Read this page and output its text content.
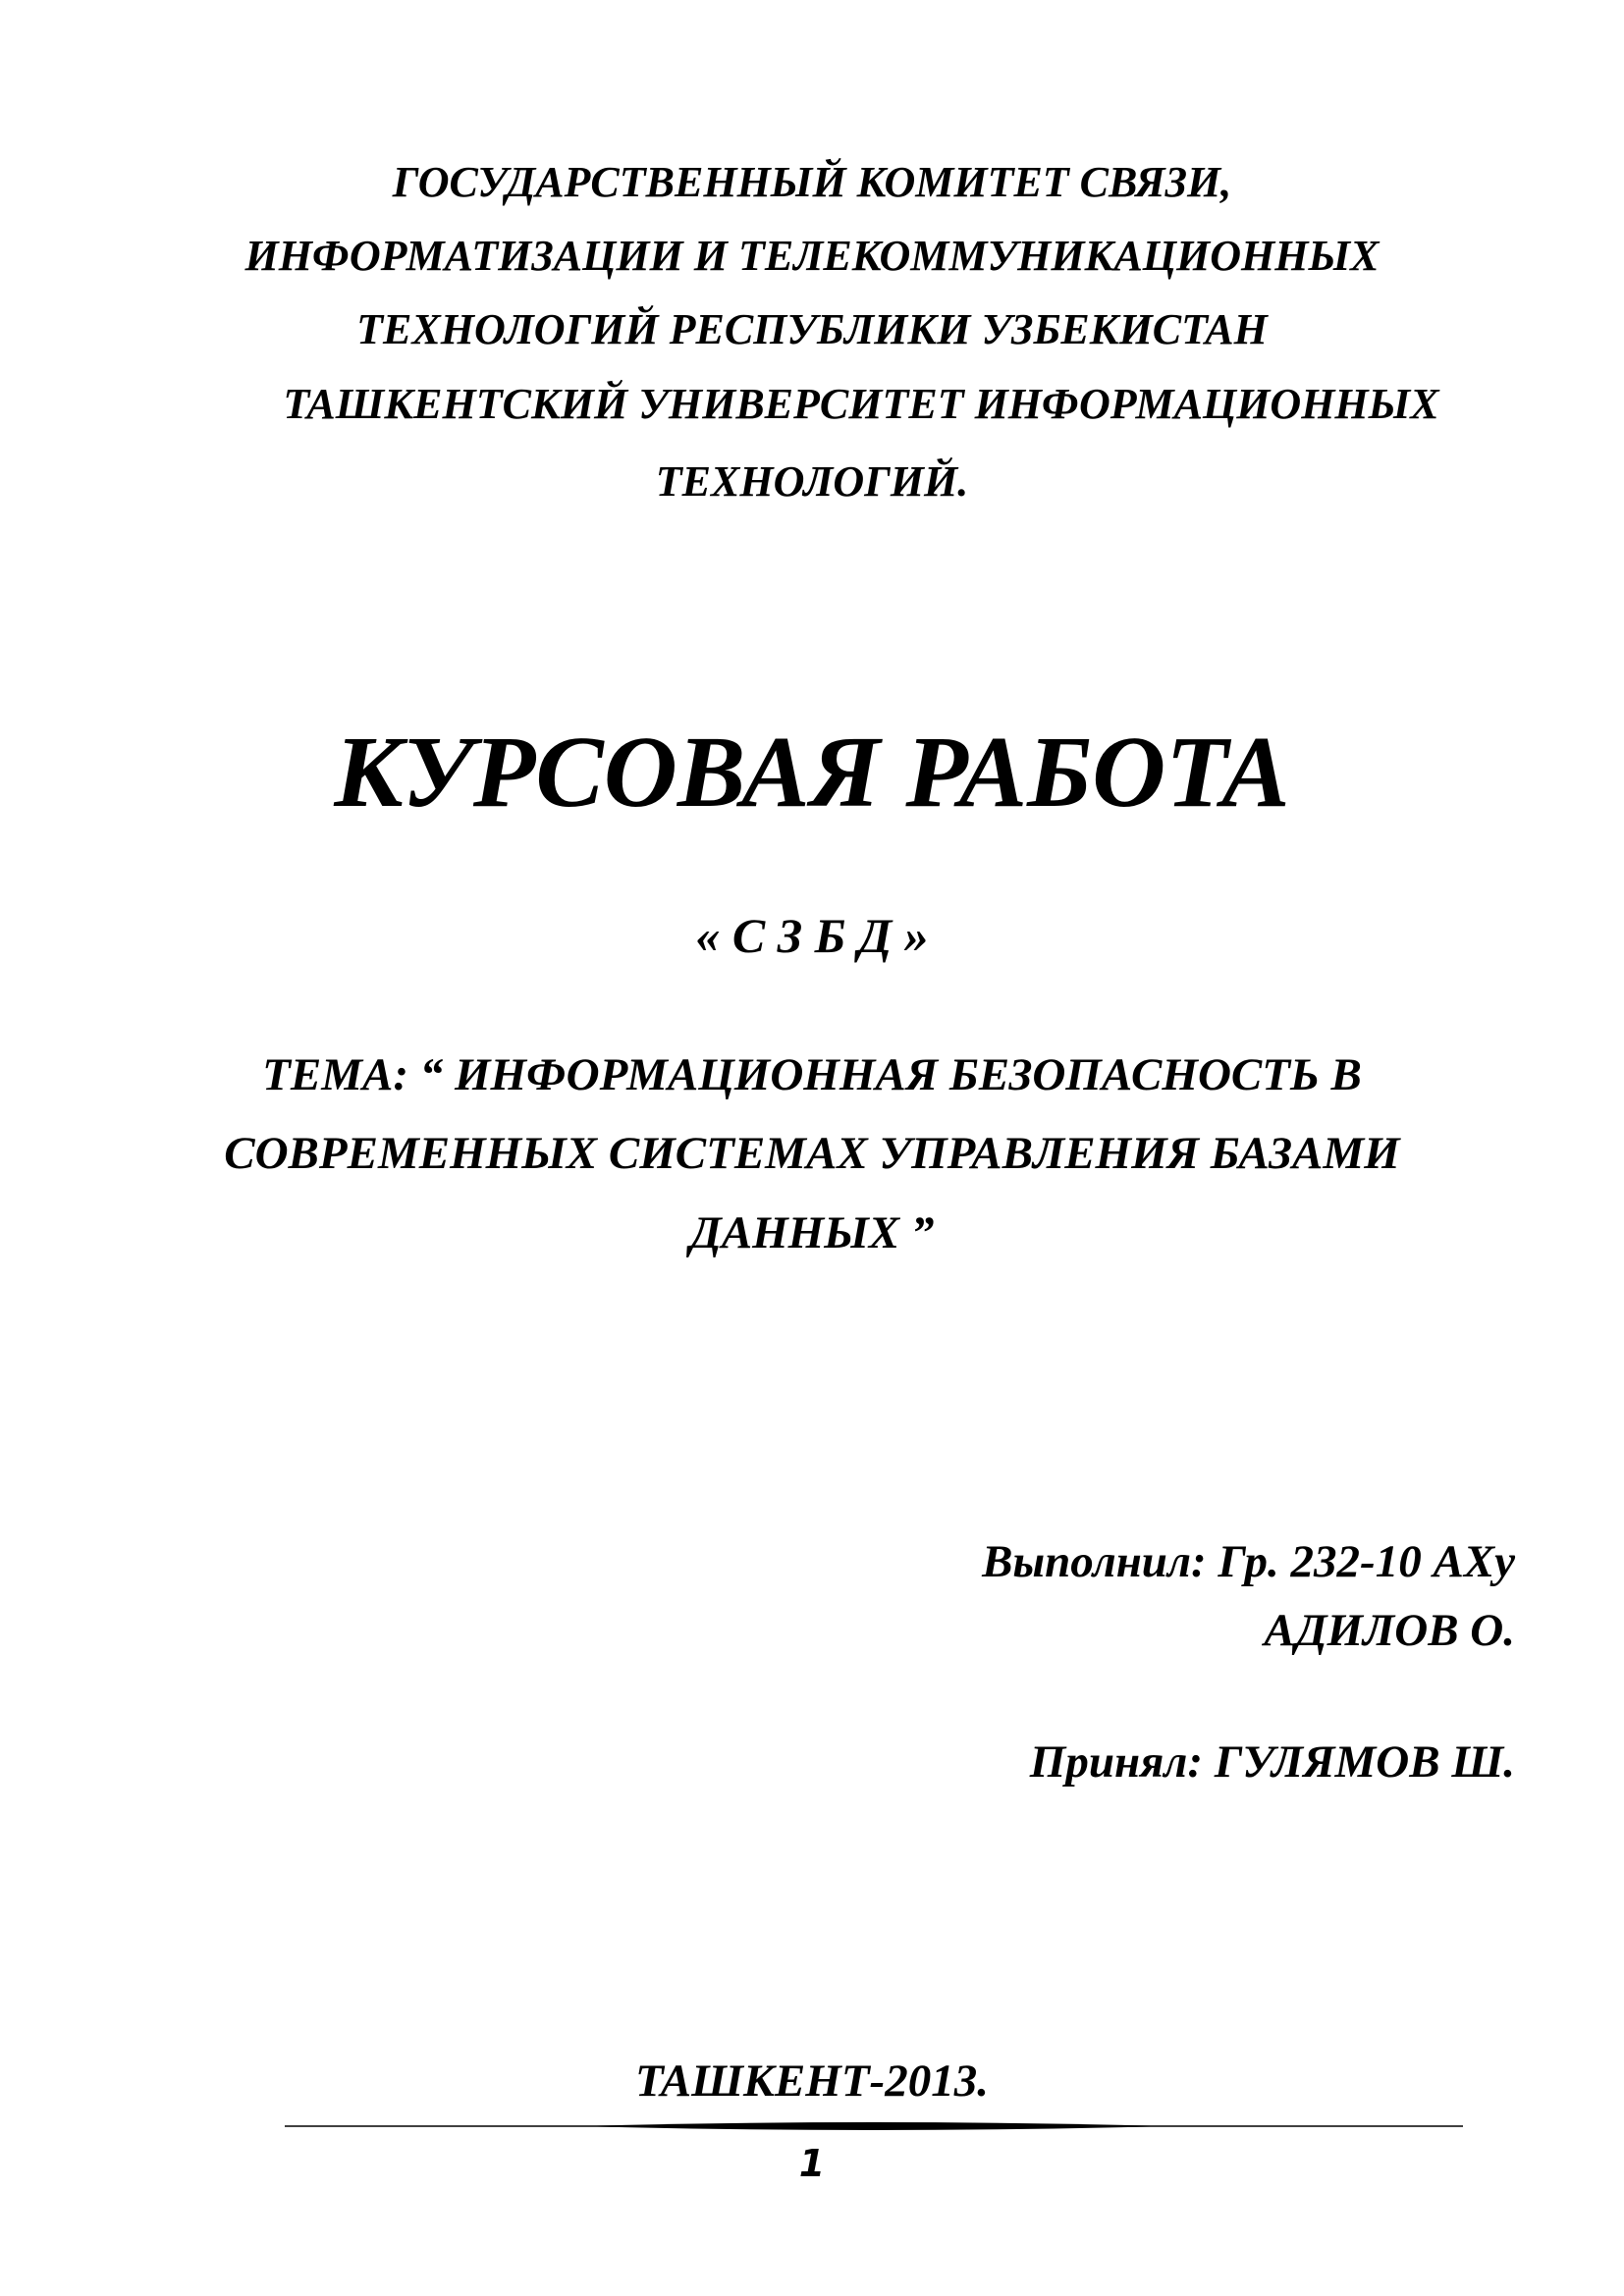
ГОСУДАРСТВЕННЫЙ КОМИТЕТ СВЯЗИ,
ИНФОРМАТИЗАЦИИ И ТЕЛЕКОММУНИКАЦИОННЫХ
ТЕХНОЛОГИЙ РЕСПУБЛИКИ УЗБЕКИСТАН
ТАШКЕНТСКИЙ УНИВЕРСИТЕТ ИНФОРМАЦИОННЫХ
ТЕХНОЛОГИЙ.
КУРСОВАЯ РАБОТА
« С З Б Д »
ТЕМА: “ ИНФОРМАЦИОННАЯ БЕЗОПАСНОСТЬ В
СОВРЕМЕННЫХ СИСТЕМАХ УПРАВЛЕНИЯ БАЗАМИ
ДАННЫХ ”
Выполнил: Гр. 232-10 АХу
АДИЛОВ О.
Принял: ГУЛЯМОВ Ш.
ТАШКЕНТ-2013.
1
